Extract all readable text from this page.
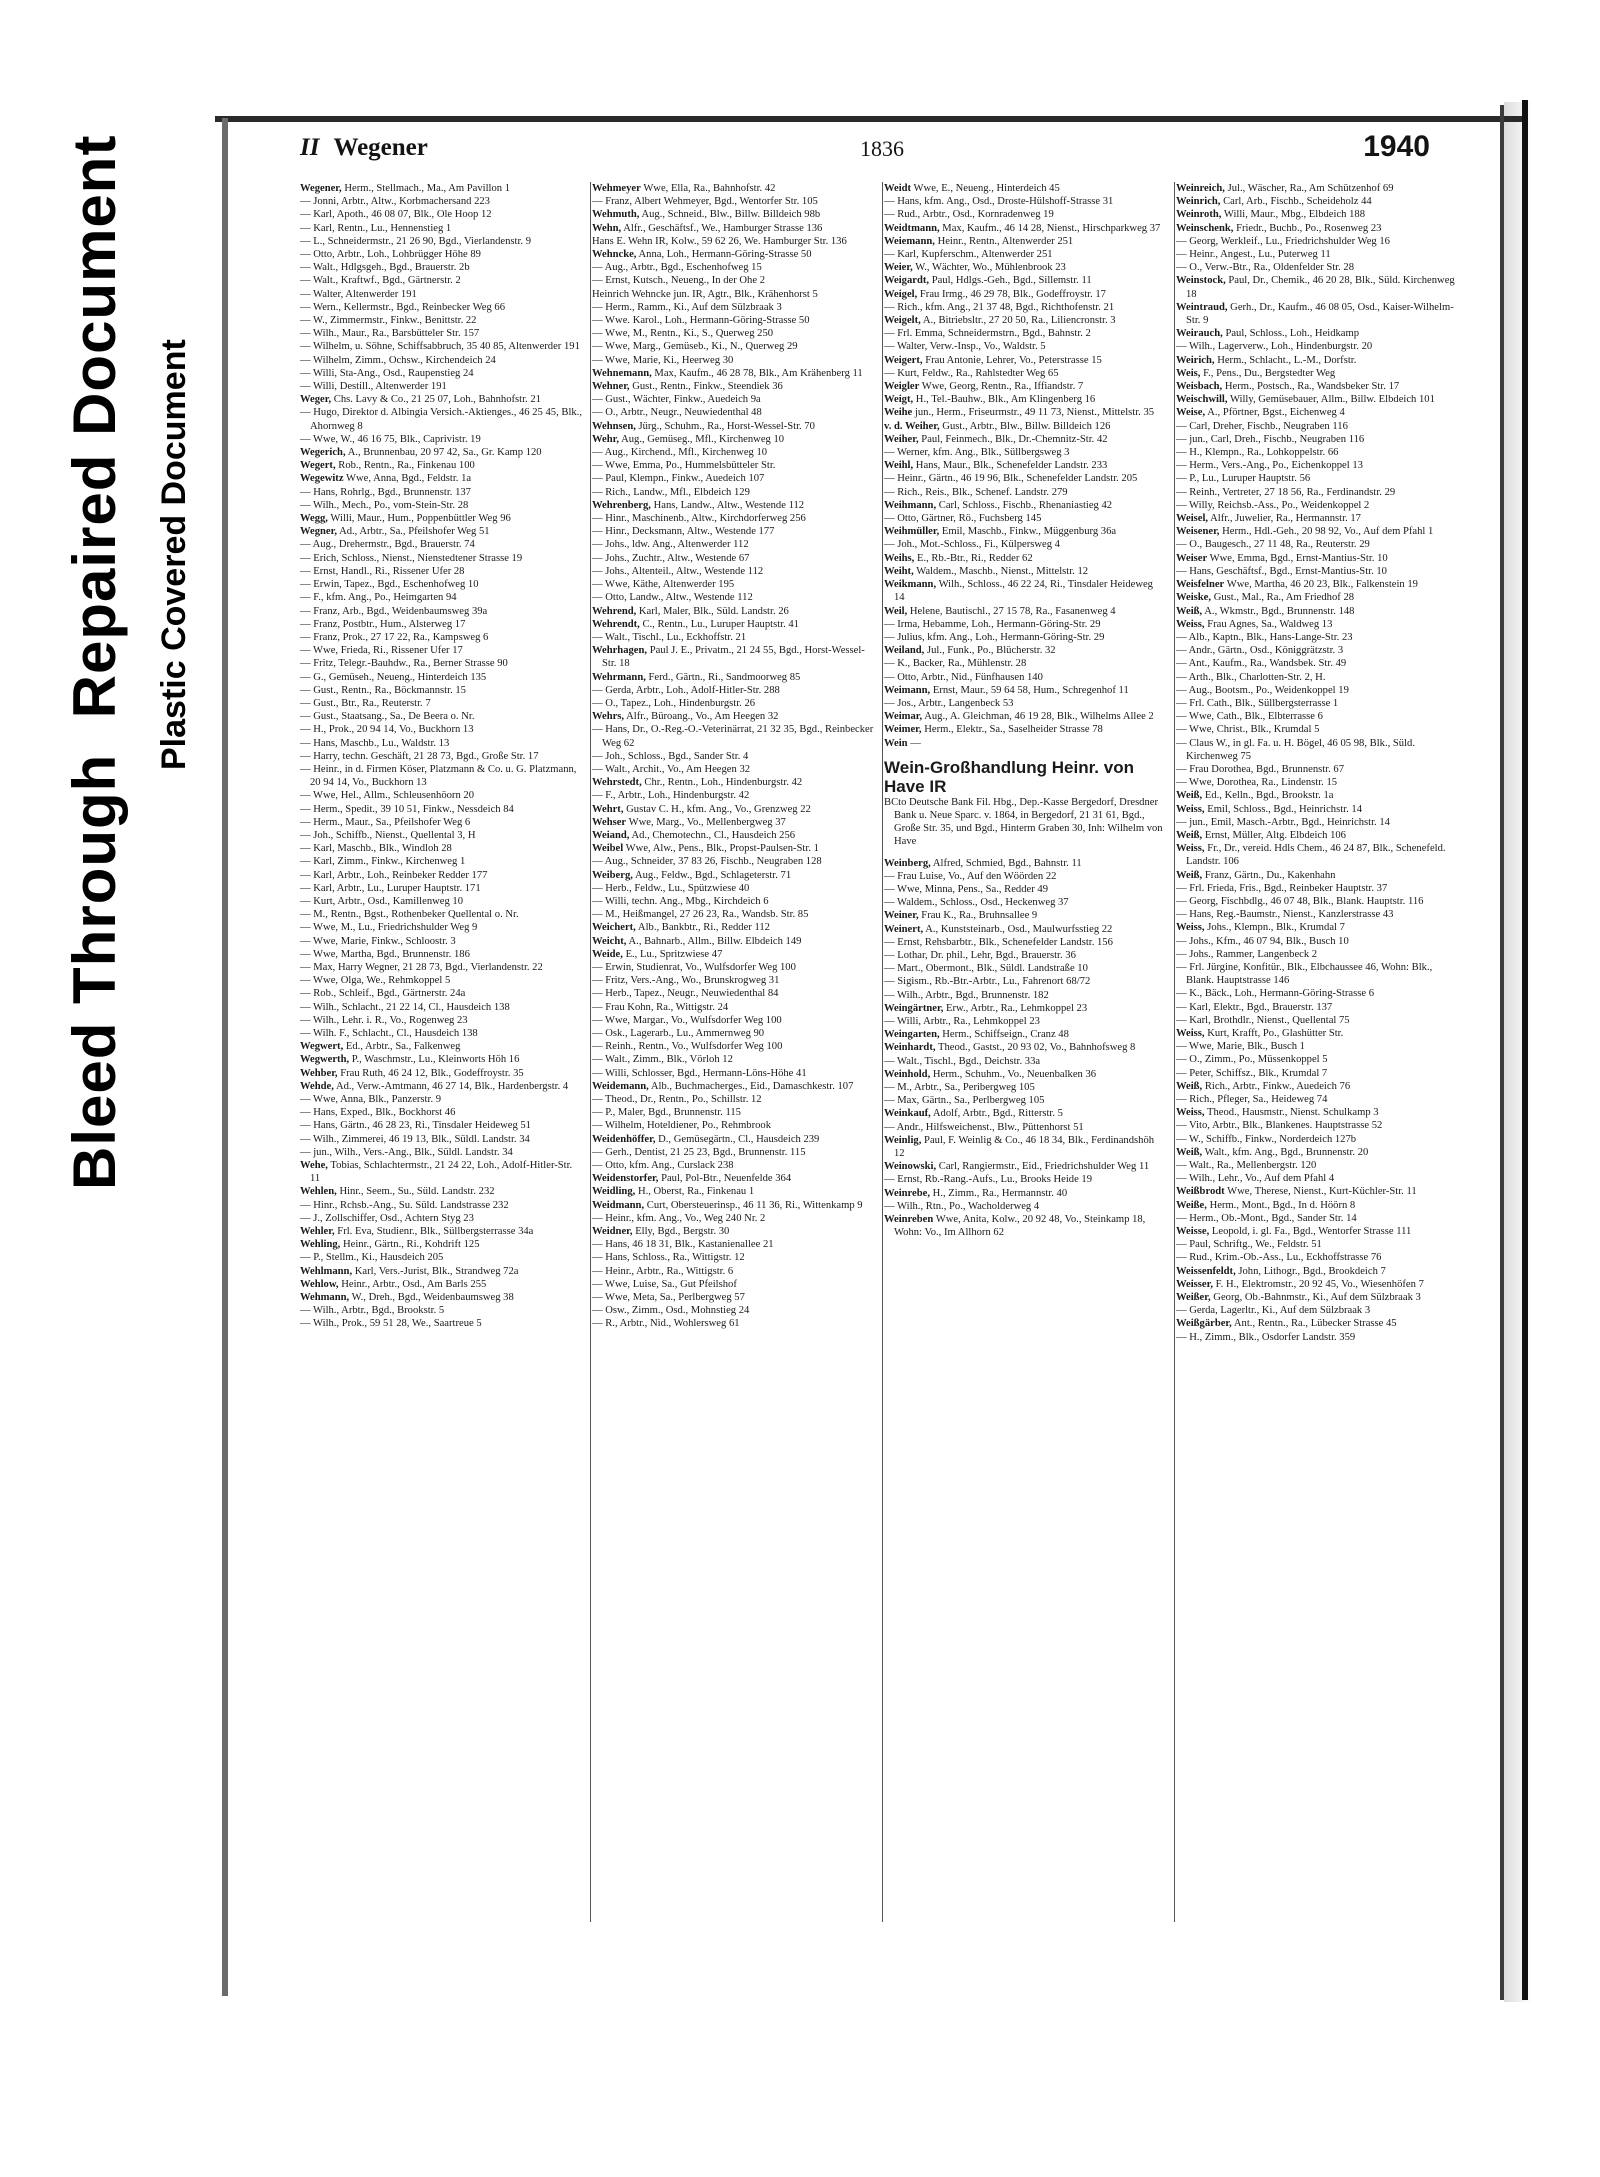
Bleed Through  Repaired Document Plastic Covered Document
II Wegener	1836	1940

Wegener, Herm., Stellmach., Ma., Am Pavillon 1

— Jonni, Arbtr., Altw., Korbmachersand 223

— Karl, Apoth., 46 08 07, Blk., Ole Hoop 12

— Karl, Rentn., Lu., Hennenstieg 1

— L., Schneidermstr., 21 26 90, Bgd., Vierlandenstr. 9

— Otto, Arbtr., Loh., Lohbrügger Höhe 89

— Walt., Hdlgsgeh., Bgd., Brauerstr. 2b

— Walt., Kraftwf., Bgd., Gärtnerstr. 2

— Walter, Altenwerder 191

— Wern., Kellermstr., Bgd., Reinbecker Weg 66

— W., Zimmermstr., Finkw., Benittstr. 22

— Wilh., Maur., Ra., Barsbütteler Str. 157

— Wilhelm, u. Söhne, Schiffsabbruch, 35 40 85, Altenwerder 191

— Wilhelm, Zimm., Ochsw., Kirchendeich 24

— Willi, Sta-Ang., Osd., Raupenstieg 24

— Willi, Destill., Altenwerder 191

Weger, Chs. Lavy & Co., 21 25 07, Loh., Bahnhofstr. 21

— Hugo, Direktor d. Albingia Versich.-Aktienges., 46 25 45, Blk., Ahornweg 8

— Wwe, W., 46 16 75, Blk., Caprivistr. 19

Wegerich, A., Brunnenbau, 20 97 42, Sa., Gr. Kamp 120

Wegert, Rob., Rentn., Ra., Finkenau 100

Wegewitz Wwe, Anna, Bgd., Feldstr. 1a

— Hans, Rohrlg., Bgd., Brunnenstr. 137

— Wilh., Mech., Po., vom-Stein-Str. 28

Wegg, Willi, Maur., Hum., Poppenbüttler Weg 96

Wegner, Ad., Arbtr., Sa., Pfeilshofer Weg 51

— Aug., Drehermstr., Bgd., Brauerstr. 74

— Erich, Schloss., Nienst., Nienstedtener Strasse 19

— Ernst, Handl., Ri., Rissener Ufer 28

— Erwin, Tapez., Bgd., Eschenhofweg 10

— F., kfm. Ang., Po., Heimgarten 94

— Franz, Arb., Bgd., Weidenbaumsweg 39a

— Franz, Postbtr., Hum., Alsterweg 17

— Franz, Prok., 27 17 22, Ra., Kampsweg 6

— Wwe, Frieda, Ri., Rissener Ufer 17

— Fritz, Telegr.-Bauhdw., Ra., Berner Strasse 90

— G., Gemüseh., Neueng., Hinterdeich 135

— Gust., Rentn., Ra., Böckmannstr. 15

— Gust., Btr., Ra., Reuterstr. 7

— Gust., Staatsang., Sa., De Beera o. Nr.

— H., Prok., 20 94 14, Vo., Buckhorn 13

— Hans, Maschb., Lu., Waldstr. 13

— Harry, techn. Geschäft, 21 28 73, Bgd., Große Str. 17

— Heinr., in d. Firmen Köser, Platzmann & Co. u. G. Platzmann, 20 94 14, Vo., Buckhorn 13

— Wwe, Hel., Allm., Schleusenhöorn 20

— Herm., Spedit., 39 10 51, Finkw., Nessdeich 84

— Herm., Maur., Sa., Pfeilshofer Weg 6

— Joh., Schiffb., Nienst., Quellental 3, H

— Karl, Maschb., Blk., Windloh 28

— Karl, Zimm., Finkw., Kirchenweg 1

— Karl, Arbtr., Loh., Reinbeker Redder 177

— Karl, Arbtr., Lu., Luruper Hauptstr. 171

— Kurt, Arbtr., Osd., Kamillenweg 10

— M., Rentn., Bgst., Rothenbeker Quellental o. Nr.

— Wwe, M., Lu., Friedrichshulder Weg 9

— Wwe, Marie, Finkw., Schloostr. 3

— Wwe, Martha, Bgd., Brunnenstr. 186

— Max, Harry Wegner, 21 28 73, Bgd., Vierlandenstr. 22

— Wwe, Olga, We., Rehmkoppel 5

— Rob., Schleif., Bgd., Gärtnerstr. 24a

— Wilh., Schlacht., 21 22 14, Cl., Hausdeich 138

— Wilh., Lehr. i. R., Vo., Rogenweg 23

— Wilh. F., Schlacht., Cl., Hausdeich 138

Wegwert, Ed., Arbtr., Sa., Falkenweg

Wegwerth, P., Waschmstr., Lu., Kleinworts Höh 16

Wehber, Frau Ruth, 46 24 12, Blk., Godeffroystr. 35

Wehde, Ad., Verw.-Amtmann, 46 27 14, Blk., Hardenbergstr. 4

— Wwe, Anna, Blk., Panzerstr. 9

— Hans, Exped., Blk., Bockhorst 46

— Hans, Gärtn., 46 28 23, Ri., Tinsdaler Heideweg 51

— Wilh., Zimmerei, 46 19 13, Blk., Süldl. Landstr. 34

— jun., Wilh., Vers.-Ang., Blk., Süldl. Landstr. 34

Wehe, Tobias, Schlachtermstr., 21 24 22, Loh., Adolf-Hitler-Str. 11

Wehlen, Hinr., Seem., Su., Süld. Landstr. 232

— Hinr., Rchsb.-Ang., Su. Süld. Landstrasse 232

— J., Zollschiffer, Osd., Achtern Styg 23

Wehler, Frl. Eva, Studienr., Blk., Süllbergsterrasse 34a

Wehling, Heinr., Gärtn., Ri., Kohdrift 125

— P., Stellm., Ki., Hausdeich 205

Wehlmann, Karl, Vers.-Jurist, Blk., Strandweg 72a

Wehlow, Heinr., Arbtr., Osd., Am Barls 255

Wehmann, W., Dreh., Bgd., Weidenbaumsweg 38

— Wilh., Arbtr., Bgd., Brookstr. 5

— Wilh., Prok., 59 51 28, We., Saartreue 5

Wehmeyer Wwe, Ella, Ra., Bahnhofstr. 42

— Franz, Albert Wehmeyer, Bgd., Wentorfer Str. 105

Wehmuth, Aug., Schneid., Blw., Billw. Billdeich 98b

Wehn, Alfr., Geschäftsf., We., Hamburger Strasse 136

Hans E. Wehn IR, Kolw., 59 62 26, We. Hamburger Str. 136

Wehncke, Anna, Loh., Hermann-Göring-Strasse 50

— Aug., Arbtr., Bgd., Eschenhofweg 15

— Ernst, Kutsch., Neueng., In der Ohe 2

Heinrich Wehncke jun. IR, Agtr., Blk., Krähenhorst 5

— Herm., Ramm., Ki., Auf dem Sülzbraak 3

— Wwe. Karol., Loh., Hermann-Göring-Strasse 50

— Wwe, M., Rentn., Ki., S., Querweg 250

— Wwe, Marg., Gemüseb., Ki., N., Querweg 29

— Wwe, Marie, Ki., Heerweg 30

Wehnemann, Max, Kaufm., 46 28 78, Blk., Am Krähenberg 11

Wehner, Gust., Rentn., Finkw., Steendiek 36

— Gust., Wächter, Finkw., Auedeich 9a

— O., Arbtr., Neugr., Neuwiedenthal 48

Wehnsen, Jürg., Schuhm., Ra., Horst-Wessel-Str. 70

Wehr, Aug., Gemüseg., Mfl., Kirchenweg 10

— Aug., Kirchend., Mfl., Kirchenweg 10

— Wwe, Emma, Po., Hummelsbütteler Str.

— Paul, Klempn., Finkw., Auedeich 107

— Rich., Landw., Mfl., Elbdeich 129

Wehrenberg, Hans, Landw., Altw., Westende 112

— Hinr., Maschinenb., Altw., Kirchdorferweg 256

— Hinr., Decksmann, Altw., Westende 177

— Johs., ldw. Ang., Altenwerder 112

— Johs., Zuchtr., Altw., Westende 67

— Johs., Altenteil., Altw., Westende 112

— Wwe, Käthe, Altenwerder 195

— Otto, Landw., Altw., Westende 112

Wehrend, Karl, Maler, Blk., Süld. Landstr. 26

Wehrendt, C., Rentn., Lu., Luruper Hauptstr. 41

— Walt., Tischl., Lu., Eckhoffstr. 21

Wehrhagen, Paul J. E., Privatm., 21 24 55, Bgd., Horst-Wessel-Str. 18

Wehrmann, Ferd., Gärtn., Ri., Sandmoorweg 85

— Gerda, Arbtr., Loh., Adolf-Hitler-Str. 288

— O., Tapez., Loh., Hindenburgstr. 26

Wehrs, Alfr., Büroang., Vo., Am Heegen 32

— Hans, Dr., O.-Reg.-O.-Veterinärrat, 21 32 35, Bgd., Reinbecker Weg 62

— Joh., Schloss., Bgd., Sander Str. 4

— Walt., Archit., Vo., Am Heegen 32

Wehrstedt, Chr., Rentn., Loh., Hindenburgstr. 42

— F., Arbtr., Loh., Hindenburgstr. 42

Wehrt, Gustav C. H., kfm. Ang., Vo., Grenzweg 22

Wehser Wwe, Marg., Vo., Mellenbergweg 37

Weiand, Ad., Chemotechn., Cl., Hausdeich 256

Weibel Wwe, Alw., Pens., Blk., Propst-Paulsen-Str. 1

— Aug., Schneider, 37 83 26, Fischb., Neugraben 128

Weiberg, Aug., Feldw., Bgd., Schlageterstr. 71

— Herb., Feldw., Lu., Spützwiese 40

— Willi, techn. Ang., Mbg., Kirchdeich 6

— M., Heißmangel, 27 26 23, Ra., Wandsb. Str. 85

Weichert, Alb., Bankbtr., Ri., Redder 112

Weicht, A., Bahnarb., Allm., Billw. Elbdeich 149

Weide, E., Lu., Spritzwiese 47

— Erwin, Studienrat, Vo., Wulfsdorfer Weg 100

— Fritz, Vers.-Ang., Wo., Brunskrogweg 31

— Herb., Tapez., Neugr., Neuwiedenthal 84

— Frau Kohn, Ra., Wittigstr. 24

— Wwe, Margar., Vo., Wulfsdorfer Weg 100

— Osk., Lagerarb., Lu., Ammernweg 90

— Reinh., Rentn., Vo., Wulfsdorfer Weg 100

— Walt., Zimm., Blk., Vörloh 12

— Willi, Schlosser, Bgd., Hermann-Löns-Höhe 41

Weidemann, Alb., Buchmacherges., Eid., Damaschkestr. 107

— Theod., Dr., Rentn., Po., Schillstr. 12

— P., Maler, Bgd., Brunnenstr. 115

— Wilhelm, Hoteldiener, Po., Rehmbrook

Weidenhöffer, D., Gemüsegärtn., Cl., Hausdeich 239

— Gerh., Dentist, 21 25 23, Bgd., Brunnenstr. 115

— Otto, kfm. Ang., Curslack 238

Weidenstorfer, Paul, Pol-Btr., Neuenfelde 364

Weidling, H., Oberst, Ra., Finkenau 1

Weidmann, Curt, Obersteuerinsp., 46 11 36, Ri., Wittenkamp 9

— Heinr., kfm. Ang., Vo., Weg 240 Nr. 2

Weidner, Elly, Bgd., Bergstr. 30

— Hans, 46 18 31, Blk., Kastanienallee 21

— Hans, Schloss., Ra., Wittigstr. 12

— Heinr., Arbtr., Ra., Wittigstr. 6

— Wwe, Luise, Sa., Gut Pfeilshof

— Wwe, Meta, Sa., Perlbergweg 57

— Osw., Zimm., Osd., Mohnstieg 24

— R., Arbtr., Nid., Wohlersweg 61

Weidt Wwe, E., Neueng., Hinterdeich 45

— Hans, kfm. Ang., Osd., Droste-Hülshoff-Strasse 31

— Rud., Arbtr., Osd., Kornradenweg 19

Weidtmann, Max, Kaufm., 46 14 28, Nienst., Hirschparkweg 37

Weiemann, Heinr., Rentn., Altenwerder 251

— Karl, Kupferschm., Altenwerder 251

Weier, W., Wächter, Wo., Mühlenbrook 23

Weigardt, Paul, Hdlgs.-Geh., Bgd., Sillemstr. 11

Weigel, Frau Irmg., 46 29 78, Blk., Godeffroystr. 17

— Rich., kfm. Ang., 21 37 48, Bgd., Richthofenstr. 21

Weigelt, A., Bitriebsltr., 27 20 50, Ra., Liliencronstr. 3

— Frl. Emma, Schneidermstrn., Bgd., Bahnstr. 2

— Walter, Verw.-Insp., Vo., Waldstr. 5

Weigert, Frau Antonie, Lehrer, Vo., Peterstrasse 15

— Kurt, Feldw., Ra., Rahlstedter Weg 65

Weigler Wwe, Georg, Rentn., Ra., Iffiandstr. 7

Weigt, H., Tel.-Bauhw., Blk., Am Klingenberg 16

Weihe jun., Herm., Friseurmstr., 49 11 73, Nienst., Mittelstr. 35

v. d. Weiher, Gust., Arbtr., Blw., Billw. Billdeich 126

Weiher, Paul, Feinmech., Blk., Dr.-Chemnitz-Str. 42

— Werner, kfm. Ang., Blk., Süllbergsweg 3

Weihl, Hans, Maur., Blk., Schenefelder Landstr. 233

— Heinr., Gärtn., 46 19 96, Blk., Schenefelder Landstr. 205

— Rich., Reis., Blk., Schenef. Landstr. 279

Weihmann, Carl, Schloss., Fischb., Rhenaniastieg 42

— Otto, Gärtner, Rö., Fuchsberg 145

Weihmüller, Emil, Maschb., Finkw., Müggenburg 36a

— Joh., Mot.-Schloss., Fi., Külpersweg 4

Weihs, E., Rb.-Btr., Ri., Redder 62

Weiht, Waldem., Maschb., Nienst., Mittelstr. 12

Weikmann, Wilh., Schloss., 46 22 24, Ri., Tinsdaler Heideweg 14

Weil, Helene, Bautischl., 27 15 78, Ra., Fasanenweg 4

— Irma, Hebamme, Loh., Hermann-Göring-Str. 29

— Julius, kfm. Ang., Loh., Hermann-Göring-Str. 29

Weiland, Jul., Funk., Po., Blücherstr. 32

— K., Backer, Ra., Mühlenstr. 28

— Otto, Arbtr., Nid., Fünfhausen 140

Weimann, Ernst, Maur., 59 64 58, Hum., Schregenhof 11

— Jos., Arbtr., Langenbeck 53

Weimar, Aug., A. Gleichman, 46 19 28, Blk., Wilhelms Allee 2

Weimer, Herm., Elektr., Sa., Saselheider Strasse 78

Wein —

Wein-Großhandlung Heinr. von Have IR

BCto Deutsche Bank Fil. Hbg., Dep.-Kasse Bergedorf, Dresdner Bank u. Neue Sparc. v. 1864, in Bergedorf, 21 31 61, Bgd., Große Str. 35, und Bgd., Hinterm Graben 30, Inh: Wilhelm von Have

Weinberg, Alfred, Schmied, Bgd., Bahnstr. 11

— Frau Luise, Vo., Auf den Wöörden 22

— Wwe, Minna, Pens., Sa., Redder 49

— Waldem., Schloss., Osd., Heckenweg 37

Weiner, Frau K., Ra., Bruhnsallee 9

Weinert, A., Kunststeinarb., Osd., Maulwurfsstieg 22

— Ernst, Rehsbarbtr., Blk., Schenefelder Landstr. 156

— Lothar, Dr. phil., Lehr, Bgd., Brauerstr. 36

— Mart., Obermont., Blk., Süldl. Landstraße 10

— Sigism., Rb.-Btr.-Arbtr., Lu., Fahrenort 68/72

— Wilh., Arbtr., Bgd., Brunnenstr. 182

Weingärtner, Erw., Arbtr., Ra., Lehmkoppel 23

— Willi, Arbtr., Ra., Lehmkoppel 23

Weingarten, Herm., Schiffseign., Cranz 48

Weinhardt, Theod., Gastst., 20 93 02, Vo., Bahnhofsweg 8

— Walt., Tischl., Bgd., Deichstr. 33a

Weinhold, Herm., Schuhm., Vo., Neuenbalken 36

— M., Arbtr., Sa., Peribergweg 105

— Max, Gärtn., Sa., Perlbergweg 105

Weinkauf, Adolf, Arbtr., Bgd., Ritterstr. 5

— Andr., Hilfsweichenst., Blw., Püttenhorst 51

Weinlig, Paul, F. Weinlig & Co., 46 18 34, Blk., Ferdinandshöh 12

Weinowski, Carl, Rangiermstr., Eid., Friedrichshulder Weg 11

— Ernst, Rb.-Rang.-Aufs., Lu., Brooks Heide 19

Weinrebe, H., Zimm., Ra., Hermannstr. 40

— Wilh., Rtn., Po., Wacholderweg 4

Weinreben Wwe, Anita, Kolw., 20 92 48, Vo., Steinkamp 18, Wohn: Vo., Im Allhorn 62

Weinreich, Jul., Wäscher, Ra., Am Schützenhof 69

Weinrich, Carl, Arb., Fischb., Scheideholz 44

Weinroth, Willi, Maur., Mbg., Elbdeich 188

Weinschenk, Friedr., Buchb., Po., Rosenweg 23

— Georg, Werkleif., Lu., Friedrichshulder Weg 16

— Heinr., Angest., Lu., Puterweg 11

— O., Verw.-Btr., Ra., Oldenfelder Str. 28

Weinstock, Paul, Dr., Chemik., 46 20 28, Blk., Süld. Kirchenweg 18

Weintraud, Gerh., Dr., Kaufm., 46 08 05, Osd., Kaiser-Wilhelm-Str. 9

Weirauch, Paul, Schloss., Loh., Heidkamp

— Wilh., Lagerverw., Loh., Hindenburgstr. 20

Weirich, Herm., Schlacht., L.-M., Dorfstr.

Weis, F., Pens., Du., Bergstedter Weg

Weisbach, Herm., Postsch., Ra., Wandsbeker Str. 17

Weischwill, Willy, Gemüsebauer, Allm., Billw. Elbdeich 101

Weise, A., Pförtner, Bgst., Eichenweg 4

— Carl, Dreher, Fischb., Neugraben 116

— jun., Carl, Dreh., Fischb., Neugraben 116

— H., Klempn., Ra., Lohkoppelstr. 66

— Herm., Vers.-Ang., Po., Eichenkoppel 13

— P., Lu., Luruper Hauptstr. 56

— Reinh., Vertreter, 27 18 56, Ra., Ferdinandstr. 29

— Willy, Reichsb.-Ass., Po., Weidenkoppel 2

Weisel, Alfr., Juwelier, Ra., Hermannstr. 17

Weisener, Herm., Hdl.-Geh., 20 98 92, Vo., Auf dem Pfahl 1

— O., Baugesch., 27 11 48, Ra., Reuterstr. 29

Weiser Wwe, Emma, Bgd., Ernst-Mantius-Str. 10

— Hans, Geschäftsf., Bgd., Ernst-Mantius-Str. 10

Weisfelner Wwe, Martha, 46 20 23, Blk., Falkenstein 19

Weiske, Gust., Mal., Ra., Am Friedhof 28

Weiß, A., Wkmstr., Bgd., Brunnenstr. 148

Weiss, Frau Agnes, Sa., Waldweg 13

— Alb., Kaptn., Blk., Hans-Lange-Str. 23

— Andr., Gärtn., Osd., Königgrätzstr. 3

— Ant., Kaufm., Ra., Wandsbek. Str. 49

— Arth., Blk., Charlotten-Str. 2, H.

— Aug., Bootsm., Po., Weidenkoppel 19

— Frl. Cath., Blk., Süllbergsterrasse 1

— Wwe, Cath., Blk., Elbterrasse 6

— Wwe, Christ., Blk., Krumdal 5

— Claus W., in gl. Fa. u. H. Bögel, 46 05 98, Blk., Süld. Kirchenweg 75

— Frau Dorothea, Bgd., Brunnenstr. 67

— Wwe, Dorothea, Ra., Lindenstr. 15

Weiß, Ed., Kelln., Bgd., Brookstr. 1a

Weiss, Emil, Schloss., Bgd., Heinrichstr. 14

— jun., Emil, Masch.-Arbtr., Bgd., Heinrichstr. 14

Weiß, Ernst, Müller, Altg. Elbdeich 106

Weiss, Fr., Dr., vereid. Hdls Chem., 46 24 87, Blk., Schenefeld. Landstr. 106

Weiß, Franz, Gärtn., Du., Kakenhahn

— Frl. Frieda, Fris., Bgd., Reinbeker Hauptstr. 37

— Georg, Fischbdlg., 46 07 48, Blk., Blank. Hauptstr. 116

— Hans, Reg.-Baumstr., Nienst., Kanzlerstrasse 43

Weiss, Johs., Klempn., Blk., Krumdal 7

— Johs., Kfm., 46 07 94, Blk., Busch 10

— Johs., Rammer, Langenbeck 2

— Frl. Jürgine, Konfitür., Blk., Elbchaussee 46, Wohn: Blk., Blank. Hauptstrasse 146

— K., Bäck., Loh., Hermann-Göring-Strasse 6

— Karl, Elektr., Bgd., Brauerstr. 137

— Karl, Brothdlr., Nienst., Quellental 75

Weiss, Kurt, Krafft, Po., Glashütter Str.

— Wwe, Marie, Blk., Busch 1

— O., Zimm., Po., Müssenkoppel 5

— Peter, Schiffsz., Blk., Krumdal 7

Weiß, Rich., Arbtr., Finkw., Auedeich 76

— Rich., Pfleger, Sa., Heideweg 74

Weiss, Theod., Hausmstr., Nienst. Schulkamp 3

— Vito, Arbtr., Blk., Blankenes. Hauptstrasse 52

— W., Schiffb., Finkw., Norderdeich 127b

Weiß, Walt., kfm. Ang., Bgd., Brunnenstr. 20

— Walt., Ra., Mellenbergstr. 120

— Wilh., Lehr., Vo., Auf dem Pfahl 4

Weißbrodt Wwe, Therese, Nienst., Kurt-Küchler-Str. 11

Weiße, Herm., Mont., Bgd., In d. Höörn 8

— Herm., Ob.-Mont., Bgd., Sander Str. 14

Weisse, Leopold, i. gl. Fa., Bgd., Wentorfer Strasse 111

— Paul, Schriftg., We., Feldstr. 51

— Rud., Krim.-Ob.-Ass., Lu., Eckhoffstrasse 76

Weissenfeldt, John, Lithogr., Bgd., Brookdeich 7

Weisser, F. H., Elektromstr., 20 92 45, Vo., Wiesenhöfen 7

Weißer, Georg, Ob.-Bahnmstr., Ki., Auf dem Sülzbraak 3

— Gerda, Lagerltr., Ki., Auf dem Sülzbraak 3

Weißgärber, Ant., Rentn., Ra., Lübecker Strasse 45

— H., Zimm., Blk., Osdorfer Landstr. 359
